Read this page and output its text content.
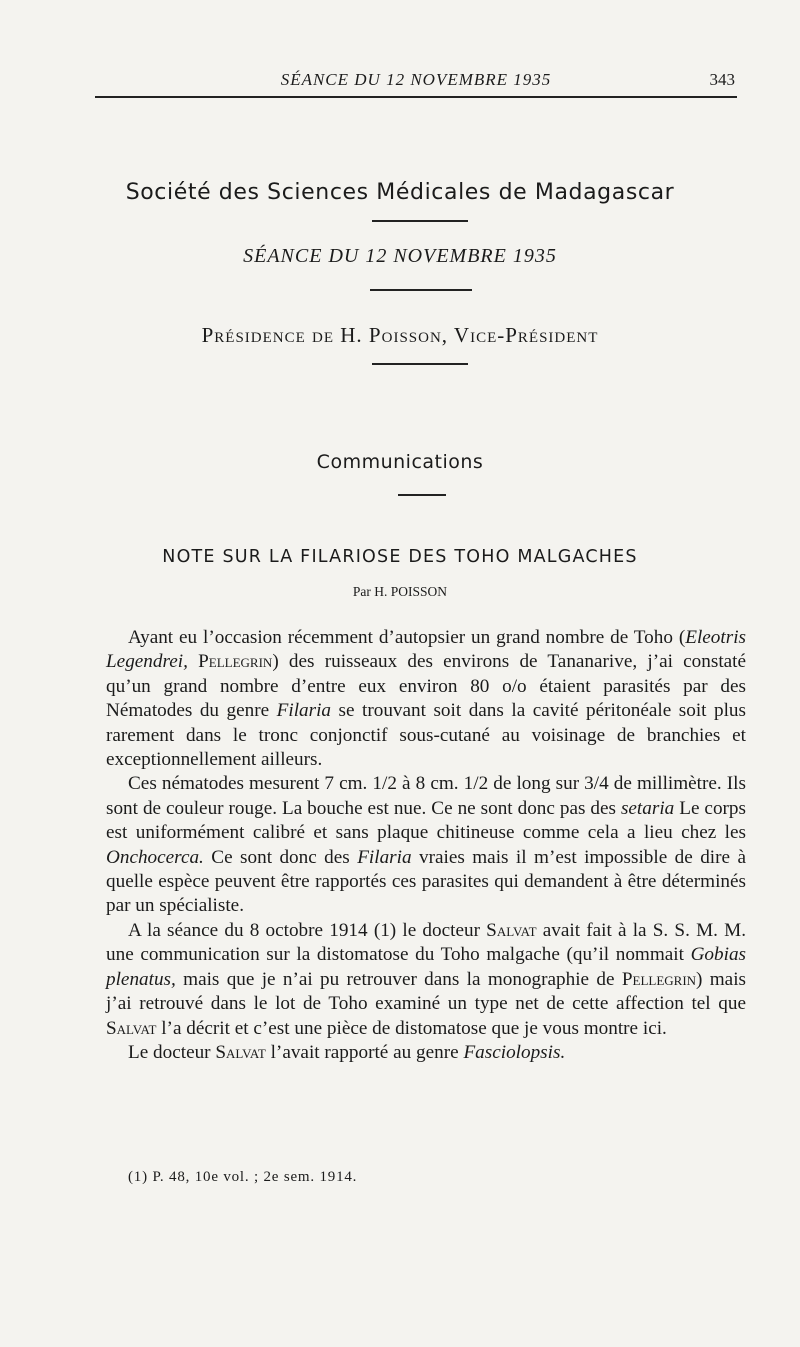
SÉANCE DU 12 NOVEMBRE 1935	343
Société des Sciences Médicales de Madagascar
SÉANCE DU 12 NOVEMBRE 1935
Présidence de H. Poisson, Vice-Président
Communications
NOTE SUR LA FILARIOSE DES TOHO MALGACHES
Par H. POISSON

Ayant eu l’occasion récemment d’autopsier un grand nombre de Toho (Eleotris Legendrei, Pellegrin) des ruisseaux des environs de Tananarive, j’ai constaté qu’un grand nombre d’entre eux environ 80 o/o étaient parasités par des Nématodes du genre Filaria se trouvant soit dans la cavité péritonéale soit plus rarement dans le tronc conjonctif sous-cutané au voisinage de branchies et exceptionnellement ailleurs.

Ces nématodes mesurent 7 cm. 1/2 à 8 cm. 1/2 de long sur 3/4 de millimètre. Ils sont de couleur rouge. La bouche est nue. Ce ne sont donc pas des setaria Le corps est uniformément calibré et sans plaque chitineuse comme cela a lieu chez les Onchocerca. Ce sont donc des Filaria vraies mais il m’est impossible de dire à quelle espèce peuvent être rapportés ces parasites qui demandent à être déterminés par un spécialiste.

A la séance du 8 octobre 1914 (1) le docteur Salvat avait fait à la S. S. M. M. une communication sur la distomatose du Toho malgache (qu’il nommait Gobias plenatus, mais que je n’ai pu retrouver dans la monographie de Pellegrin) mais j’ai retrouvé dans le lot de Toho examiné un type net de cette affection tel que Salvat l’a décrit et c’est une pièce de distomatose que je vous montre ici.

Le docteur Salvat l’avait rapporté au genre Fasciolopsis.

(1) P. 48, 10e vol. ; 2e sem. 1914.
